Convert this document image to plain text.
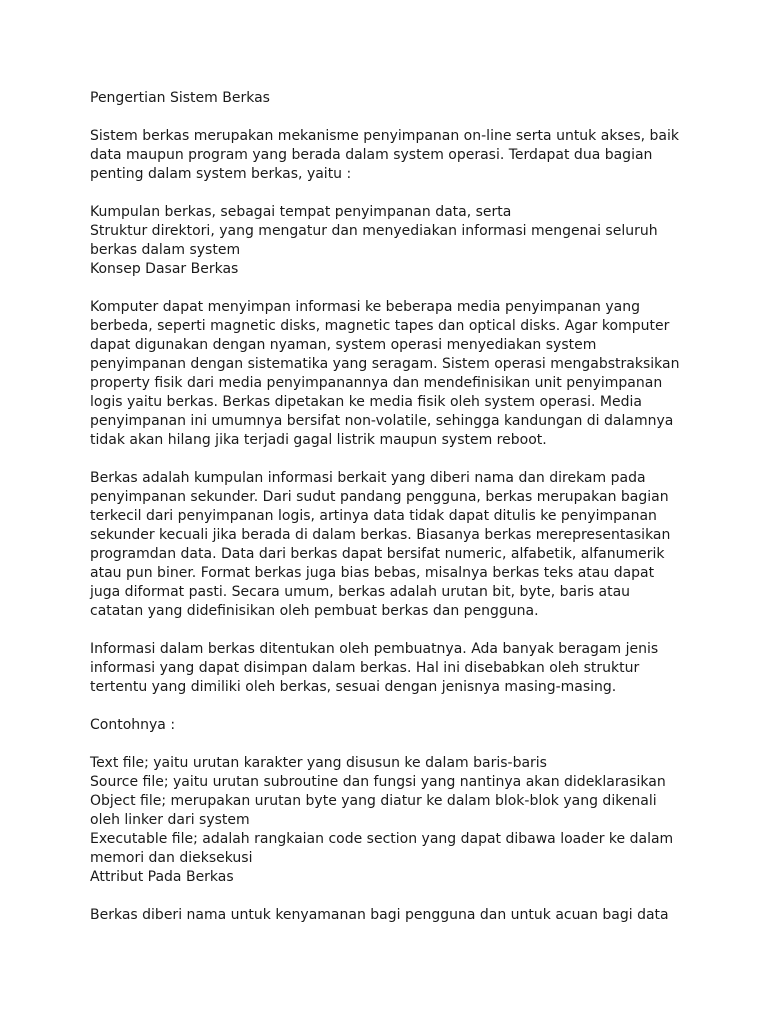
Pengertian Sistem Berkas
Sistem berkas merupakan mekanisme penyimpanan on-line serta untuk akses, baik
data maupun program yang berada dalam system operasi. Terdapat dua bagian
penting dalam system berkas, yaitu :
Kumpulan berkas, sebagai tempat penyimpanan data, serta
Struktur direktori, yang mengatur dan menyediakan informasi mengenai seluruh
berkas dalam system
Konsep Dasar Berkas
Komputer dapat menyimpan informasi ke beberapa media penyimpanan yang
berbeda, seperti magnetic disks, magnetic tapes dan optical disks. Agar komputer
dapat digunakan dengan nyaman, system operasi menyediakan system
penyimpanan dengan sistematika yang seragam. Sistem operasi mengabstraksikan
property fisik dari media penyimpanannya dan mendefinisikan unit penyimpanan
logis yaitu berkas. Berkas dipetakan ke media fisik oleh system operasi. Media
penyimpanan ini umumnya bersifat non-volatile, sehingga kandungan di dalamnya
tidak akan hilang jika terjadi gagal listrik maupun system reboot.
Berkas adalah kumpulan informasi berkait yang diberi nama dan direkam pada
penyimpanan sekunder. Dari sudut pandang pengguna, berkas merupakan bagian
terkecil dari penyimpanan logis, artinya data tidak dapat ditulis ke penyimpanan
sekunder kecuali jika berada di dalam berkas. Biasanya berkas merepresentasikan
programdan data. Data dari berkas dapat bersifat numeric, alfabetik, alfanumerik
atau pun biner. Format berkas juga bias bebas, misalnya berkas teks atau dapat
juga diformat pasti. Secara umum, berkas adalah urutan bit, byte, baris atau
catatan yang didefinisikan oleh pembuat berkas dan pengguna.
Informasi dalam berkas ditentukan oleh pembuatnya. Ada banyak beragam jenis
informasi yang dapat disimpan dalam berkas. Hal ini disebabkan oleh struktur
tertentu yang dimiliki oleh berkas, sesuai dengan jenisnya masing-masing.
Contohnya :
Text file; yaitu urutan karakter yang disusun ke dalam baris-baris
Source file; yaitu urutan subroutine dan fungsi yang nantinya akan dideklarasikan
Object file; merupakan urutan byte yang diatur ke dalam blok-blok yang dikenali
oleh linker dari system
Executable file; adalah rangkaian code section yang dapat dibawa loader ke dalam
memori dan dieksekusi
Attribut Pada Berkas
Berkas diberi nama untuk kenyamanan bagi pengguna dan untuk acuan bagi data
